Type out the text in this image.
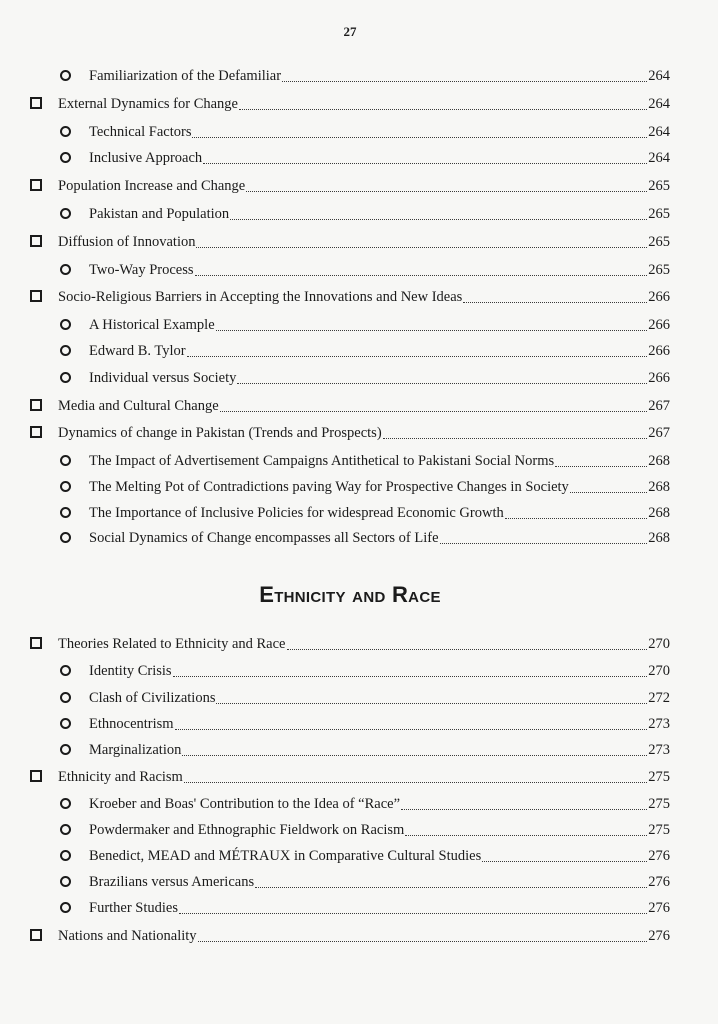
27
Familiarization of the Defamiliar	264
External Dynamics for Change	264
Technical Factors	264
Inclusive Approach	264
Population Increase and Change	265
Pakistan and Population	265
Diffusion of Innovation	265
Two-Way Process	265
Socio-Religious Barriers in Accepting the Innovations and New Ideas	266
A Historical Example	266
Edward B. Tylor	266
Individual versus Society	266
Media and Cultural Change	267
Dynamics of change in Pakistan (Trends and Prospects)	267
The Impact of Advertisement Campaigns Antithetical to Pakistani Social Norms	268
The Melting Pot of Contradictions paving Way for Prospective Changes in Society	268
The Importance of Inclusive Policies for widespread Economic Growth	268
Social Dynamics of Change encompasses all Sectors of Life	268
Ethnicity and Race
Theories Related to Ethnicity and Race	270
Identity Crisis	270
Clash of Civilizations	272
Ethnocentrism	273
Marginalization	273
Ethnicity and Racism	275
Kroeber and Boas' Contribution to the Idea of “Race”	275
Powdermaker and Ethnographic Fieldwork on Racism	275
Benedict, MEAD and MÉTRAUX in Comparative Cultural Studies	276
Brazilians versus Americans	276
Further Studies	276
Nations and Nationality	276
